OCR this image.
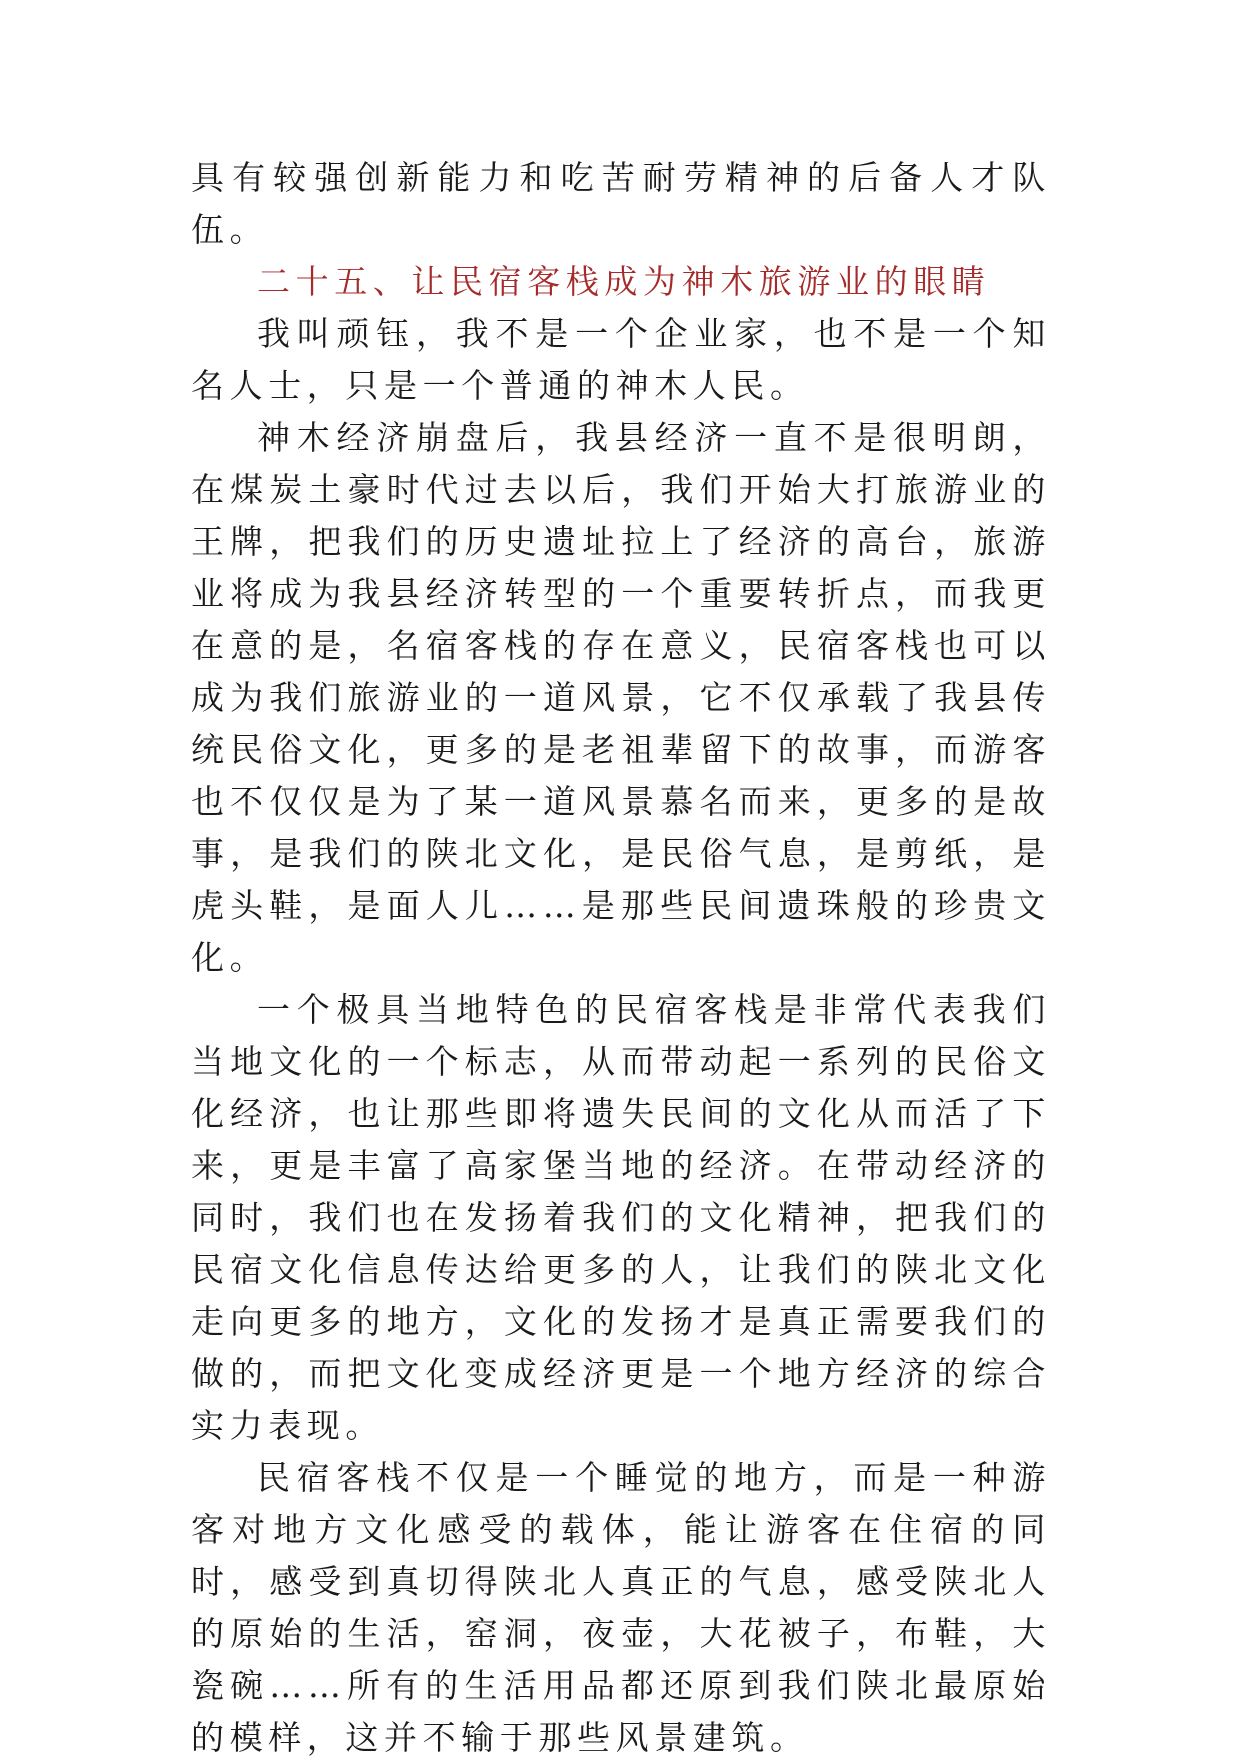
具有较强创新能力和吃苦耐劳精神的后备人才队伍。

二十五、让民宿客栈成为神木旅游业的眼睛

我叫顽钰，我不是一个企业家，也不是一个知名人士，只是一个普通的神木人民。

神木经济崩盘后，我县经济一直不是很明朗，在煤炭土豪时代过去以后，我们开始大打旅游业的王牌，把我们的历史遗址拉上了经济的高台，旅游业将成为我县经济转型的一个重要转折点，而我更在意的是，名宿客栈的存在意义，民宿客栈也可以成为我们旅游业的一道风景，它不仅承载了我县传统民俗文化，更多的是老祖辈留下的故事，而游客也不仅仅是为了某一道风景慕名而来，更多的是故事，是我们的陕北文化，是民俗气息，是剪纸，是虎头鞋，是面人儿……是那些民间遗珠般的珍贵文化。

一个极具当地特色的民宿客栈是非常代表我们当地文化的一个标志，从而带动起一系列的民俗文化经济，也让那些即将遗失民间的文化从而活了下来，更是丰富了高家堡当地的经济。在带动经济的同时，我们也在发扬着我们的文化精神，把我们的民宿文化信息传达给更多的人，让我们的陕北文化走向更多的地方，文化的发扬才是真正需要我们的做的，而把文化变成经济更是一个地方经济的综合实力表现。

民宿客栈不仅是一个睡觉的地方，而是一种游客对地方文化感受的载体，能让游客在住宿的同时，感受到真切得陕北人真正的气息，感受陕北人的原始的生活，窑洞，夜壶，大花被子，布鞋，大瓷碗……所有的生活用品都还原到我们陕北最原始的模样，这并不输于那些风景建筑。
